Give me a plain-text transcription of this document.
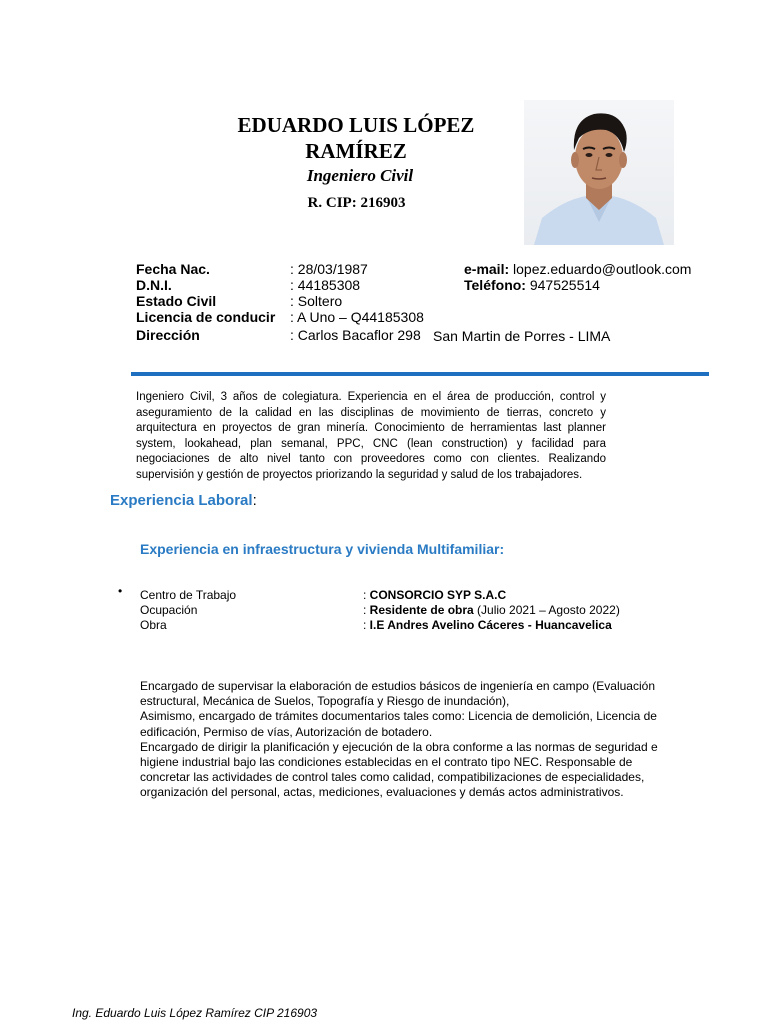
EDUARDO LUIS LÓPEZ
RAMÍREZ
Ingeniero Civil
R. CIP: 216903
Fecha Nac.
D.N.I.
Estado Civil
Licencia de conducir
Dirección
: 28/03/1987
: 44185308
: Soltero
: A Uno – Q44185308
: Carlos Bacaflor 298 San Martin de Porres - LIMA
e-mail: lopez.eduardo@outlook.com
Teléfono: 947525514
Ingeniero Civil, 3 años de colegiatura. Experiencia en el área de producción, control y aseguramiento de la calidad en las disciplinas de movimiento de tierras, concreto y arquitectura en proyectos de gran minería. Conocimiento de herramientas last planner system, lookahead, plan semanal, PPC, CNC (lean construction) y facilidad para negociaciones de alto nivel tanto con proveedores como con clientes. Realizando supervisión y gestión de proyectos priorizando la seguridad y salud de los trabajadores.
Experiencia Laboral:
Experiencia en infraestructura y vivienda Multifamiliar:
• Centro de Trabajo
Ocupación
Obra
: CONSORCIO SYP S.A.C
: Residente de obra (Julio 2021 – Agosto 2022)
: I.E Andres Avelino Cáceres - Huancavelica
Encargado de supervisar la elaboración de estudios básicos de ingeniería en campo (Evaluación estructural, Mecánica de Suelos, Topografía y Riesgo de inundación),
Asimismo, encargado de trámites documentarios tales como: Licencia de demolición, Licencia de edificación, Permiso de vías, Autorización de botadero.
Encargado de dirigir la planificación y ejecución de la obra conforme a las normas de seguridad e higiene industrial bajo las condiciones establecidas en el contrato tipo NEC. Responsable de concretar las actividades de control tales como calidad, compatibilizaciones de especialidades, organización del personal, actas, mediciones, evaluaciones y demás actos administrativos.
Ing. Eduardo Luis López Ramírez CIP 216903
